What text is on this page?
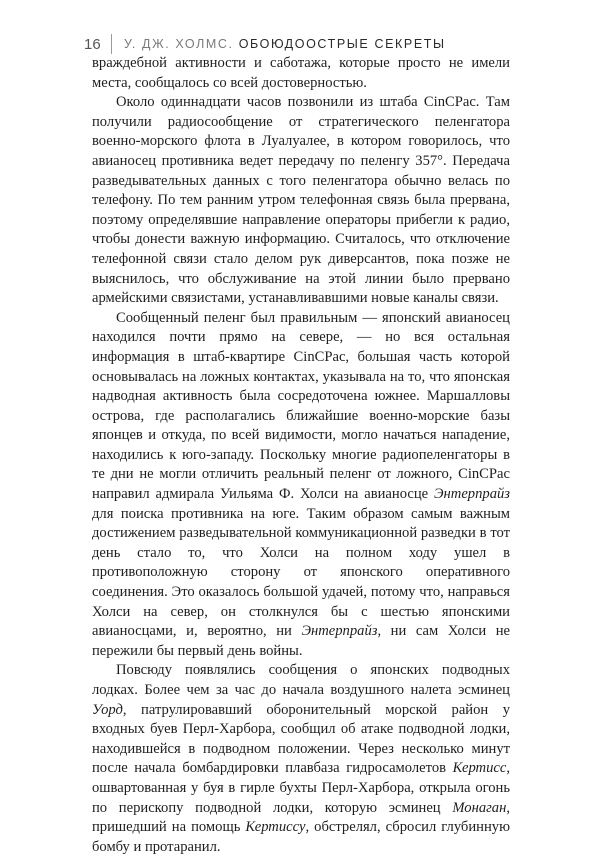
16 У. ДЖ. ХОЛМС. ОБОЮДООСТРЫЕ СЕКРЕТЫ

враждебной активности и саботажа, которые просто не имели места, сообщалось со всей достоверностью.

Около одиннадцати часов позвонили из штаба CinCPac. Там получили радиосообщение от стратегического пеленгатора военно-морского флота в Луалуалее, в котором говорилось, что авианосец противника ведет передачу по пеленгу 357°. Передача разведывательных данных с того пеленгатора обычно велась по телефону. По тем ранним утром телефонная связь была прервана, поэтому определявшие направление операторы прибегли к радио, чтобы донести важную информацию. Считалось, что отключение телефонной связи стало делом рук диверсантов, пока позже не выяснилось, что обслуживание на этой линии было прервано армейскими связистами, устанавливавшими новые каналы связи.

Сообщенный пеленг был правильным — японский авианосец находился почти прямо на севере, — но вся остальная информация в штаб-квартире CinCPac, большая часть которой основывалась на ложных контактах, указывала на то, что японская надводная активность была сосредоточена южнее. Маршалловы острова, где располагались ближайшие военно-морские базы японцев и откуда, по всей видимости, могло начаться нападение, находились к юго-западу. Поскольку многие радиопеленгаторы в те дни не могли отличить реальный пеленг от ложного, CinCPac направил адмирала Уильяма Ф. Холси на авианосце Энтерпрайз для поиска противника на юге. Таким образом самым важным достижением разведывательной коммуникационной разведки в тот день стало то, что Холси на полном ходу ушел в противоположную сторону от японского оперативного соединения. Это оказалось большой удачей, потому что, направься Холси на север, он столкнулся бы с шестью японскими авианосцами, и, вероятно, ни Энтерпрайз, ни сам Холси не пережили бы первый день войны.

Повсюду появлялись сообщения о японских подводных лодках. Более чем за час до начала воздушного налета эсминец Уорд, патрулировавший оборонительный морской район у входных буев Перл-Харбора, сообщил об атаке подводной лодки, находившейся в подводном положении. Через несколько минут после начала бомбардировки плавбаза гидросамолетов Кертисс, ошвартованная у буя в гирле бухты Перл-Харбора, открыла огонь по перископу подводной лодки, которую эсминец Монаган, пришедший на помощь Кертиссу, обстрелял, сбросил глубинную бомбу и протаранил.
